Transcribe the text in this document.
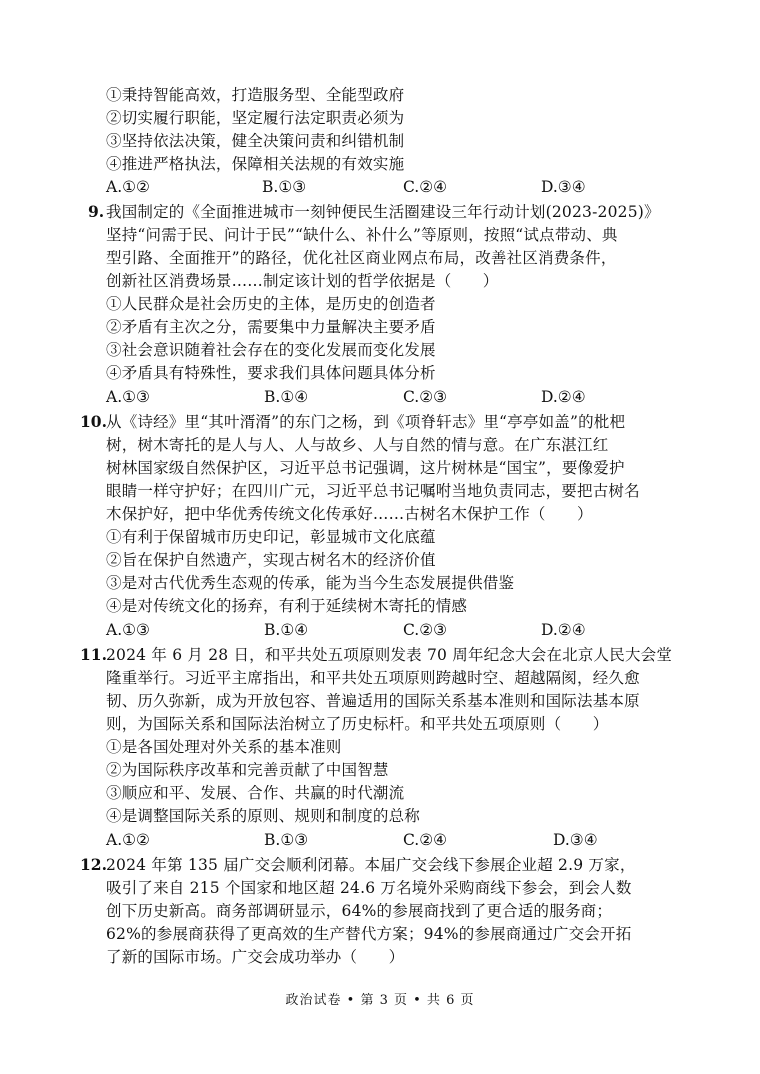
①秉持智能高效，打造服务型、全能型政府
②切实履行职能，坚定履行法定职责必须为
③坚持依法决策，健全决策问责和纠错机制
④推进严格执法，保障相关法规的有效实施
A.①②	B.①③	C.②④	D.③④
9. 我国制定的《全面推进城市一刻钟便民生活圈建设三年行动计划(2023-2025)》
坚持“问需于民、问计于民”“缺什么、补什么”等原则，按照“试点带动、典
型引路、全面推开”的路径，优化社区商业网点布局，改善社区消费条件，
创新社区消费场景……制定该计划的哲学依据是（　　）
①人民群众是社会历史的主体，是历史的创造者
②矛盾有主次之分，需要集中力量解决主要矛盾
③社会意识随着社会存在的变化发展而变化发展
④矛盾具有特殊性，要求我们具体问题具体分析
A.①③	B.①④	C.②③	D.②④
10. 从《诗经》里“其叶湑湑”的东门之杨，到《项脊轩志》里“亭亭如盖”的枇杷
树，树木寄托的是人与人、人与故乡、人与自然的情与意。在广东湛江红
树林国家级自然保护区，习近平总书记强调，这片树林是“国宝”，要像爱护
眼睛一样守护好；在四川广元，习近平总书记嘱咐当地负责同志，要把古树名
木保护好，把中华优秀传统文化传承好……古树名木保护工作（　　）
①有利于保留城市历史印记，彰显城市文化底蕴
②旨在保护自然遗产，实现古树名木的经济价值
③是对古代优秀生态观的传承，能为当今生态发展提供借鉴
④是对传统文化的扬弃，有利于延续树木寄托的情感
A.①③	B.①④	C.②③	D.②④
11. 2024 年 6 月 28 日，和平共处五项原则发表 70 周年纪念大会在北京人民大会堂
隆重举行。习近平主席指出，和平共处五项原则跨越时空、超越隔阂，经久愈
韧、历久弥新，成为开放包容、普遍适用的国际关系基本准则和国际法基本原
则，为国际关系和国际法治树立了历史标杆。和平共处五项原则（　　）
①是各国处理对外关系的基本准则
②为国际秩序改革和完善贡献了中国智慧
③顺应和平、发展、合作、共赢的时代潮流
④是调整国际关系的原则、规则和制度的总称
A.①②	B.①③	C.②④	D.③④
12. 2024 年第 135 届广交会顺利闭幕。本届广交会线下参展企业超 2.9 万家，
吸引了来自 215 个国家和地区超 24.6 万名境外采购商线下参会，到会人数
创下历史新高。商务部调研显示，64%的参展商找到了更合适的服务商；
62%的参展商获得了更高效的生产替代方案；94%的参展商通过广交会开拓
了新的国际市场。广交会成功举办（　　）
政治试卷 • 第 3 页 • 共 6 页
